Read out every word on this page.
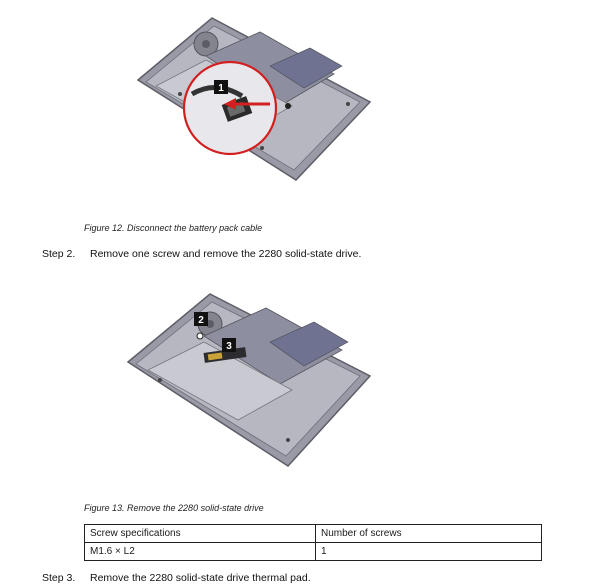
1
Figure 12. Disconnect the battery pack cable
Step 2.	Remove one screw and remove the 2280 solid-state drive.
2
3
Figure 13. Remove the 2280 solid-state drive
Screw specifications	Number of screws
M1.6 × L2	1
Step 3.	Remove the 2280 solid-state drive thermal pad.
